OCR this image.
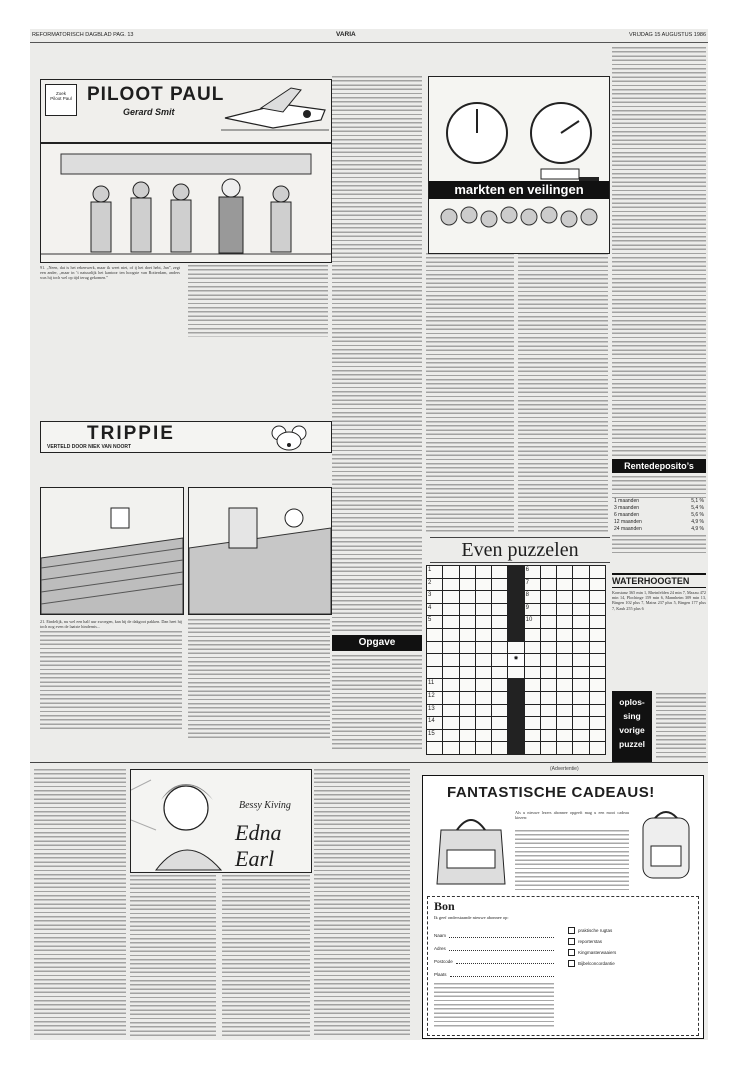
REFORMATORISCH DAGBLAD PAG. 13	VARIA	VRIJDAG 15 AUGUSTUS 1986
Zoek
Piloot Paul PILOOT PAUL
Gerard Smit
91. „Neen, dat is het rekenwerk, maar ik weet niet, of ij het doet hebt, Jan”, zegt een ander, „maar in ’t natuurlijk het kantoor ten hoogste van Rotterdam, anders was hij toch wel op tijd terug gekomen.”
TRIPPIE
VERTELD DOOR NIEK VAN NOORT
21. Eindelijk, nu wel een half uur zwoegen, kan hij de dakgoot pakken. Dan heet hij toch nog even de laatste hindernis...
markten en veilingen
Rentedeposito’s
1 maanden	5,1 %
3 maanden	5,4 %
6 maanden	5,6 %
12 maanden	4,9 %
24 maanden	4,9 %
WATERHOOGTEN
Konstanz 365 min 1, Rheinfelden 24 min 7, Maxau 472 min 14, Plochinge 159 min 6, Mannheim 309 min 13, Bingen 102 plus 7, Mainz 237 plus 5, Bingen 177 plus 7, Kaub 255 plus 6
Even puzzelen
1	6
2	7
3	8
4	9
5	10
✸
11
12
13
14
15
Opgave
oplos-
sing
vorige
puzzel
(Advertentie)
Bessy Kiving
Edna Earl
FANTASTISCHE CADEAUS!
Als u nieuwe lezers abonnee opgeeft mag u een mooi cadeau kiezen:
Bon
Ik geef onderstaande nieuwe abonnee op:
Naam
Adres
Postcode
Plaats
praktische rugtas
reporterstas
Kingmasterwaaiers
Bijbelconcordantie
